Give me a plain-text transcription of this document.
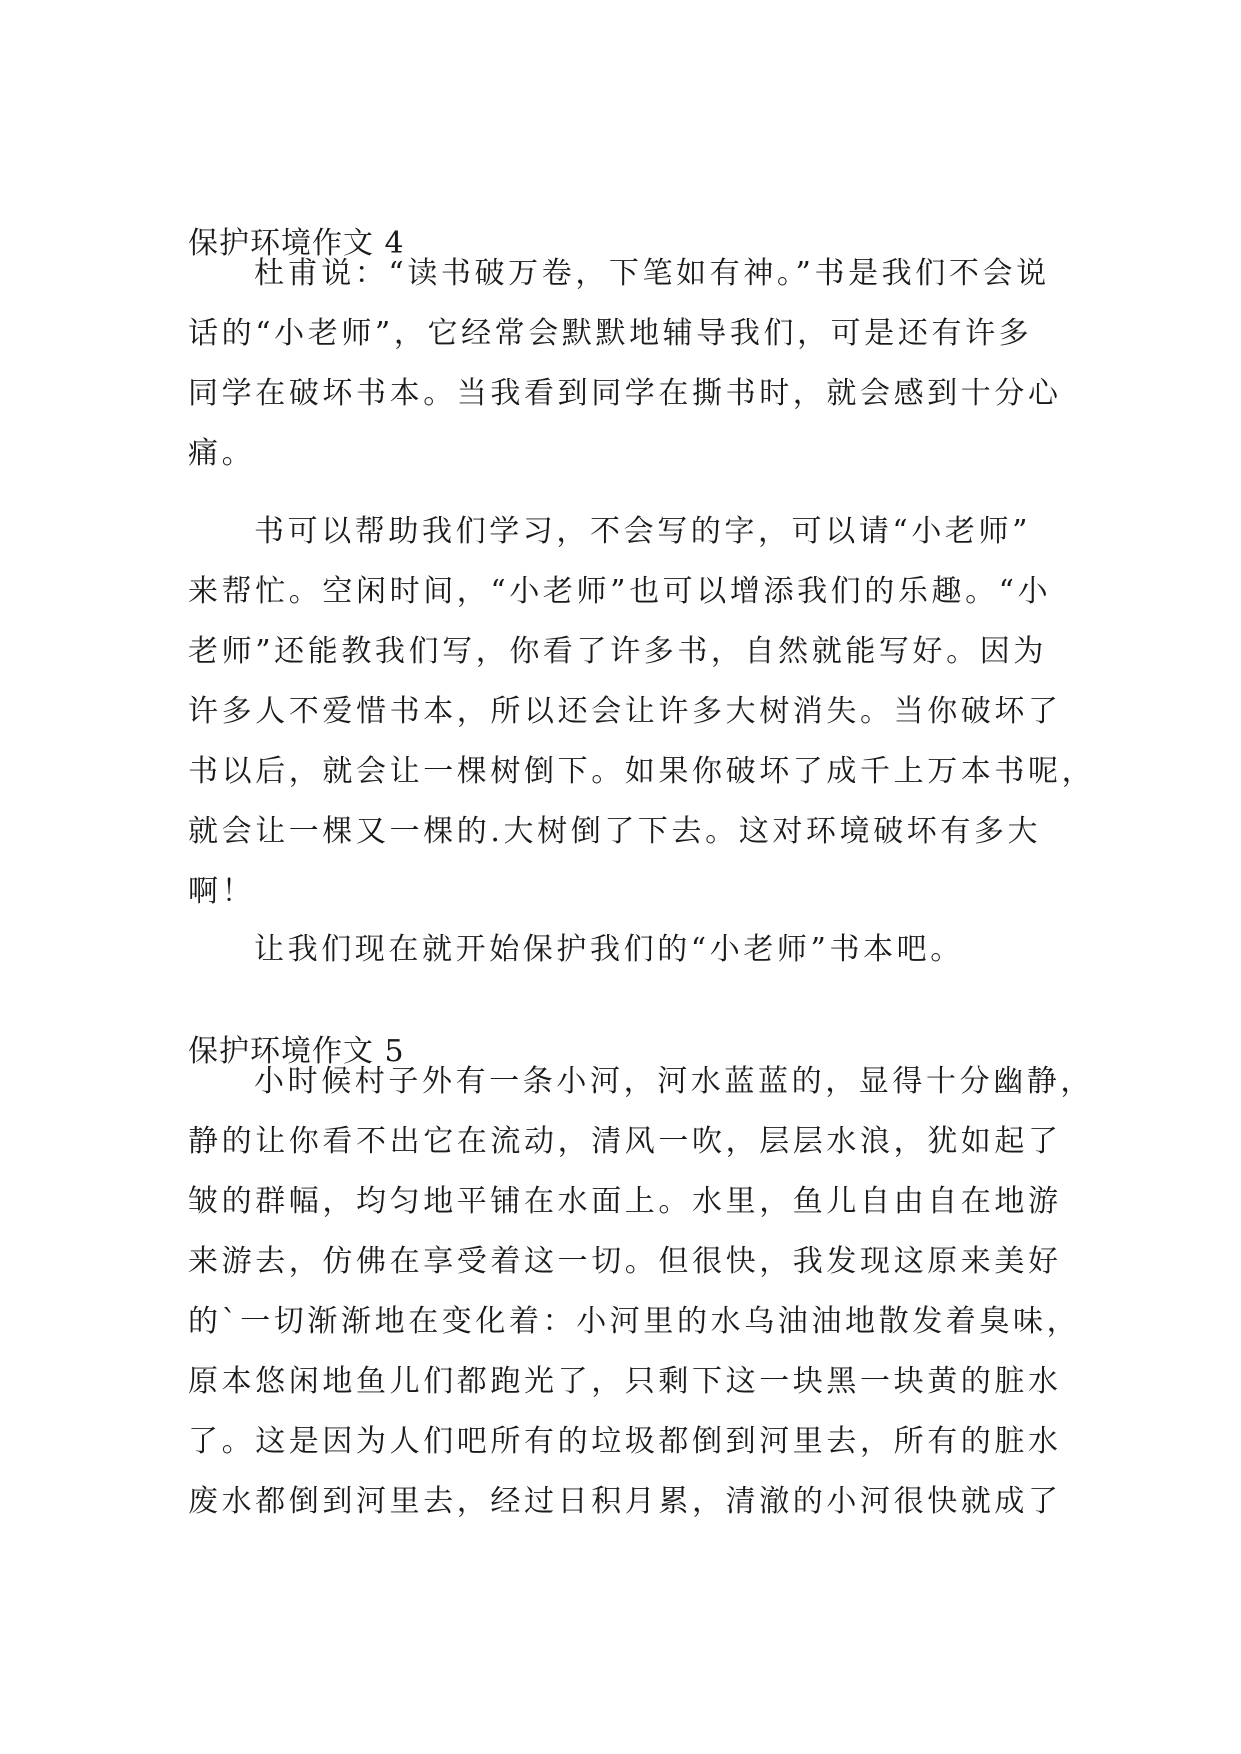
保护环境作文 4
杜甫说：“读书破万卷，下笔如有神。”书是我们不会说
话的“小老师”，它经常会默默地辅导我们，可是还有许多
同学在破坏书本。当我看到同学在撕书时，就会感到十分心
痛。
书可以帮助我们学习，不会写的字，可以请“小老师”
来帮忙。空闲时间，“小老师”也可以增添我们的乐趣。“小
老师”还能教我们写，你看了许多书，自然就能写好。因为
许多人不爱惜书本，所以还会让许多大树消失。当你破坏了
书以后，就会让一棵树倒下。如果你破坏了成千上万本书呢，
就会让一棵又一棵的.大树倒了下去。这对环境破坏有多大
啊！
让我们现在就开始保护我们的“小老师”书本吧。
保护环境作文 5
小时候村子外有一条小河，河水蓝蓝的，显得十分幽静，
静的让你看不出它在流动，清风一吹，层层水浪，犹如起了
皱的群幅，均匀地平铺在水面上。水里，鱼儿自由自在地游
来游去，仿佛在享受着这一切。但很快，我发现这原来美好
的`一切渐渐地在变化着：小河里的水乌油油地散发着臭味，
原本悠闲地鱼儿们都跑光了，只剩下这一块黑一块黄的脏水
了。这是因为人们吧所有的垃圾都倒到河里去，所有的脏水
废水都倒到河里去，经过日积月累，清澈的小河很快就成了
